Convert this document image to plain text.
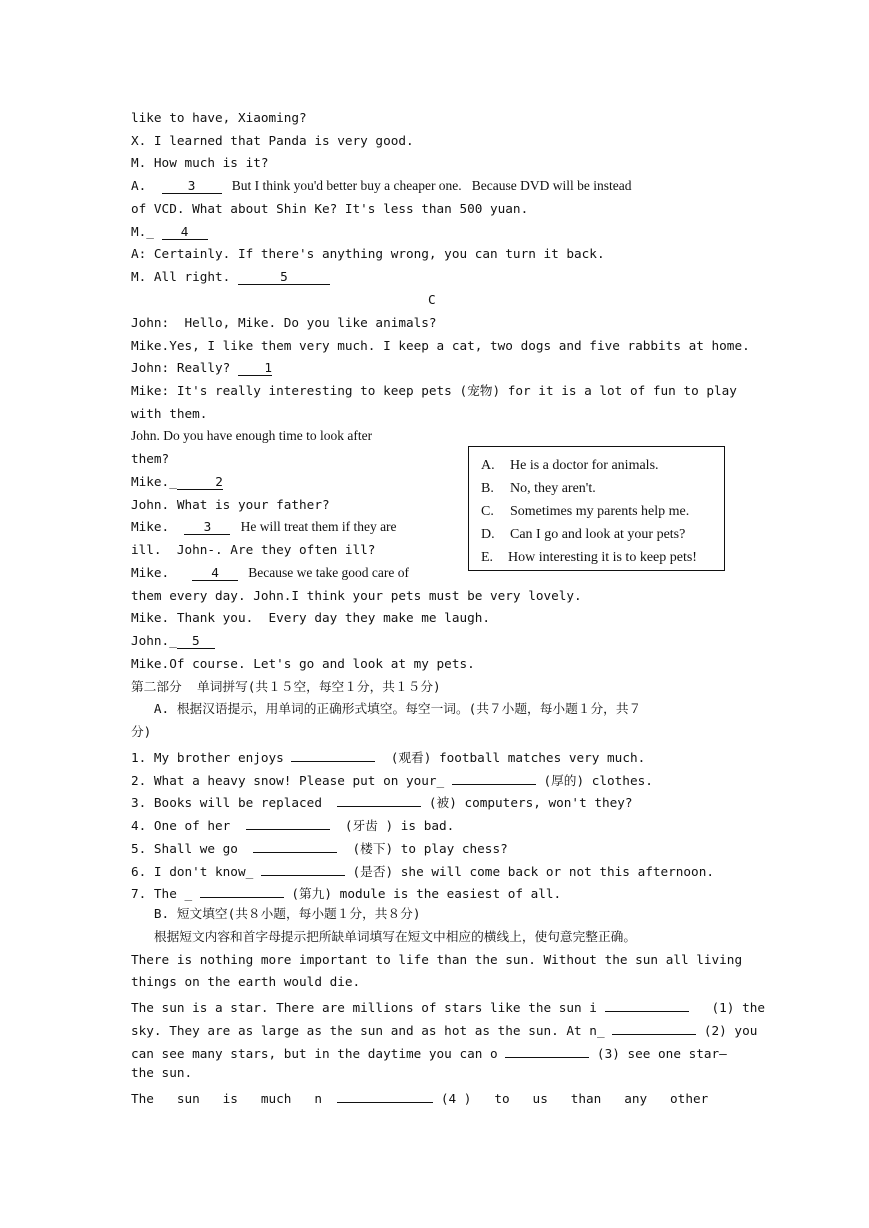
like to have, Xiaoming?
X. I learned that Panda is very good.
M. How much is it?
A.  3   But I think you'd better buy a cheaper one.   Because DVD will be instead
of VCD. What about Shin Ke? It's less than 500 yuan.
M._ 4
A: Certainly. If there's anything wrong, you can turn it back.
M. All right.	5
C
John:  Hello, Mike. Do you like animals?
Mike.Yes, I like them very much. I keep a cat, two dogs and five rabbits at home.
John: Really? 1
Mike: It's really interesting to keep pets (宠物) for it is a lot of fun to play
with them.
John. Do you have enough time to look after
them?
Mike._	2
John. What is your father?
Mike.  3   He will treat them if they are
ill.  John-. Are they often ill?
Mike.   4   Because we take good care of
them every day. John.I think your pets must be very lovely.
Mike. Thank you.  Every day they make me laugh.
John._ 5
Mike.Of course. Let's go and look at my pets.
A. He is a doctor for animals.
B. No, they aren't.
C. Sometimes my parents help me.
D. Can I go and look at your pets?
E. How interesting it is to keep pets!
第二部分  单词拼写(共１５空，每空１分，共１５分)
A. 根据汉语提示，用单词的正确形式填空。每空一词。(共７小题，每小题１分，共７
分)
1. My brother enjoys	(观看) football matches very much.
2. What a heavy snow! Please put on your_	(厚的) clothes.
3. Books will be replaced	(被) computers, won't they?
4. One of her	(牙齿 ) is bad.
5. Shall we go	(楼下) to play chess?
6. I don't know_	(是否) she will come back or not this afternoon.
7. The _	(第九) module is the easiest of all.
B. 短文填空(共８小题，每小题１分，共８分)
根据短文内容和首字母提示把所缺单词填写在短文中相应的横线上，使句意完整正确。
There is nothing more important to life than the sun. Without the sun all living
things on the earth would die.
The sun is a star. There are millions of stars like the sun i	(1) the
sky. They are as large as the sun and as hot as the sun. At n_	(2) you
can see many stars, but in the daytime you can o	(3) see one star—
the sun.
The   sun   is   much   n	(4 )   to   us   than   any   other
